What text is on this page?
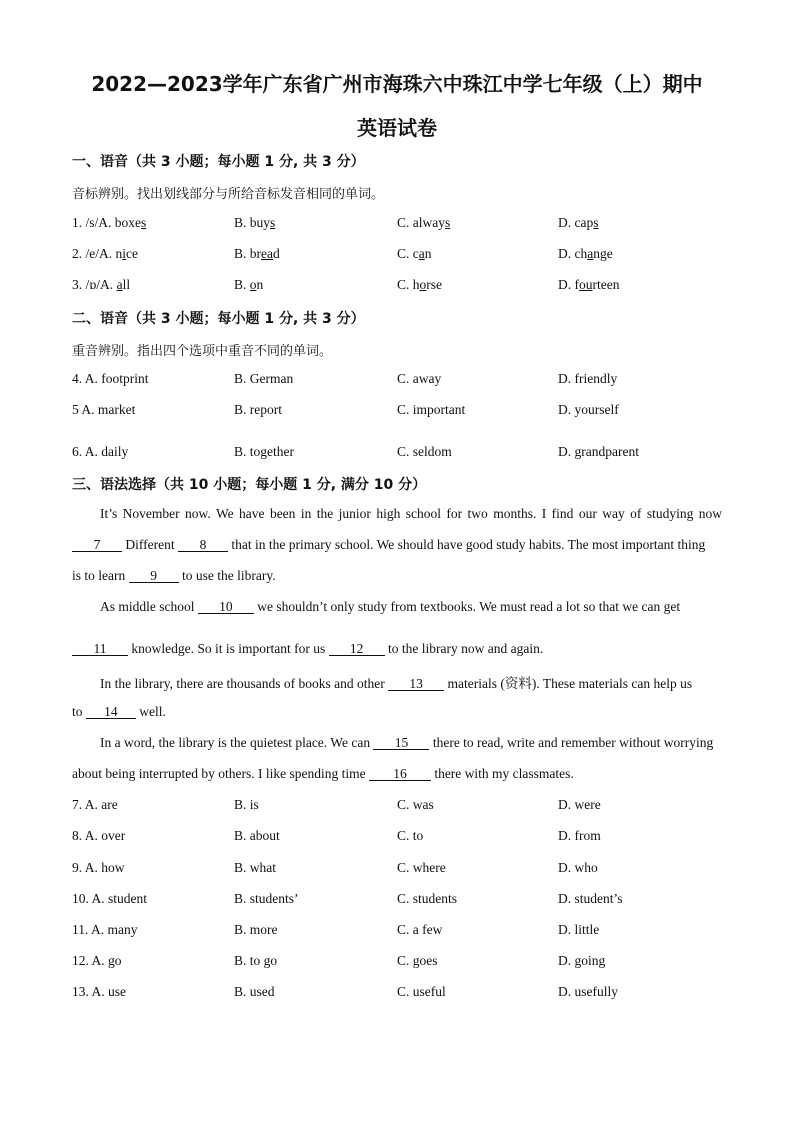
2022—2023学年广东省广州市海珠六中珠江中学七年级（上）期中
英语试卷
一、语音（共 3 小题；每小题 1 分, 共 3 分）
音标辨别。找出划线部分与所给音标发音相同的单词。
1. /s/A. boxes	B. buys	C. always	D. caps
2. /e/A. nice	B. bread	C. can	D. change
3. /ɒ/A. all	B. on	C. horse	D. fourteen
二、语音（共 3 小题；每小题 1 分, 共 3 分）
重音辨别。指出四个选项中重音不同的单词。
4. A. footprint	B. German	C. away	D. friendly
5 A. market	B. report	C. important	D. yourself
6. A. daily	B. together	C. seldom	D. grandparent
三、语法选择（共 10 小题；每小题 1 分, 满分 10 分）
It’s November now. We have been in the junior high school for two months. I find our way of studying now
7 Different 8 that in the primary school. We should have good study habits. The most important thing
is to learn 9 to use the library.
As middle school 10 we shouldn’t only study from textbooks. We must read a lot so that we can get
11 knowledge. So it is important for us 12 to the library now and again.
In the library, there are thousands of books and other 13 materials (资料). These materials can help us
to 14 well.
In a word, the library is the quietest place. We can 15 there to read, write and remember without worrying
about being interrupted by others. I like spending time 16 there with my classmates.
7. A. are	B. is	C. was	D. were
8. A. over	B. about	C. to	D. from
9. A. how	B. what	C. where	D. who
10. A. student	B. students’	C. students	D. student’s
11. A. many	B. more	C. a few	D. little
12. A. go	B. to go	C. goes	D. going
13. A. use	B. used	C. useful	D. usefully
